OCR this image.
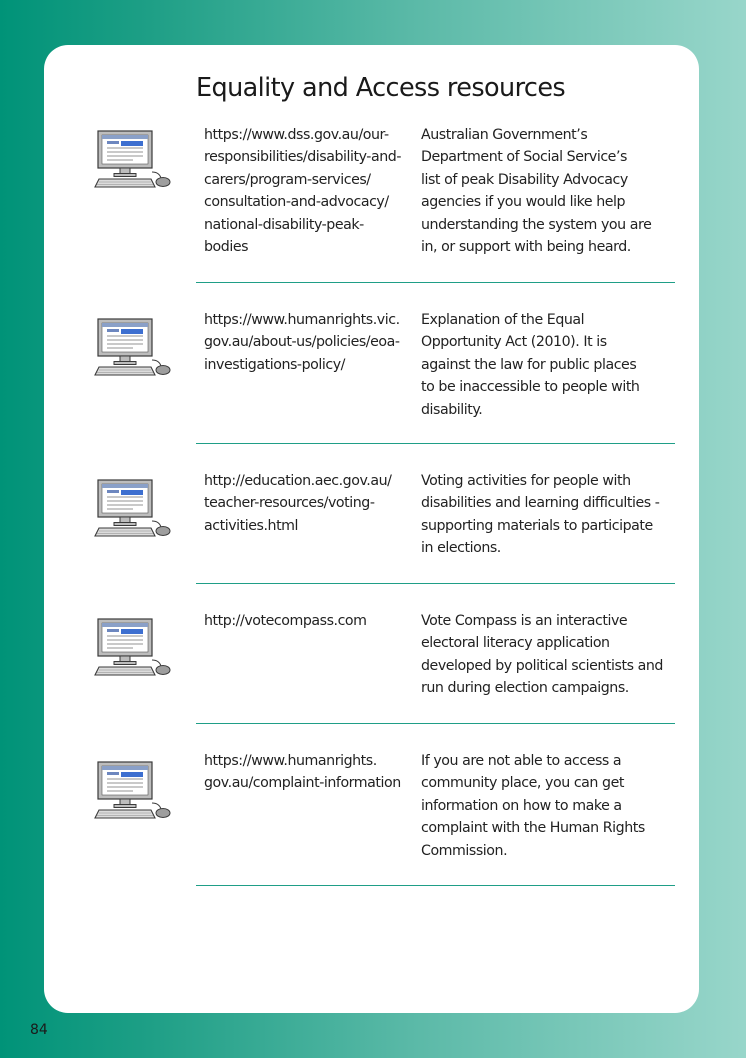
Equality and Access resources
https://www.dss.gov.au/our-
responsibilities/disability-and-
carers/program-services/
consultation-and-advocacy/
national-disability-peak-
bodies
Australian Government’s
Department of Social Service’s
list of peak Disability Advocacy
agencies if you would like help
understanding the system you are
in, or support with being heard.
https://www.humanrights.vic.
gov.au/about-us/policies/eoa-
investigations-policy/
Explanation of the Equal
Opportunity Act (2010). It is
against the law for public places
to be inaccessible to people with
disability.
http://education.aec.gov.au/
teacher-resources/voting-
activities.html
Voting activities for people with
disabilities and learning difficulties -
supporting materials to participate
in elections.
http://votecompass.com	Vote Compass is an interactive
electoral literacy application
developed by political scientists and
run during election campaigns.
https://www.humanrights.
gov.au/complaint-information
If you are not able to access a
community place, you can get
information on how to make a
complaint with the Human Rights
Commission.
84
